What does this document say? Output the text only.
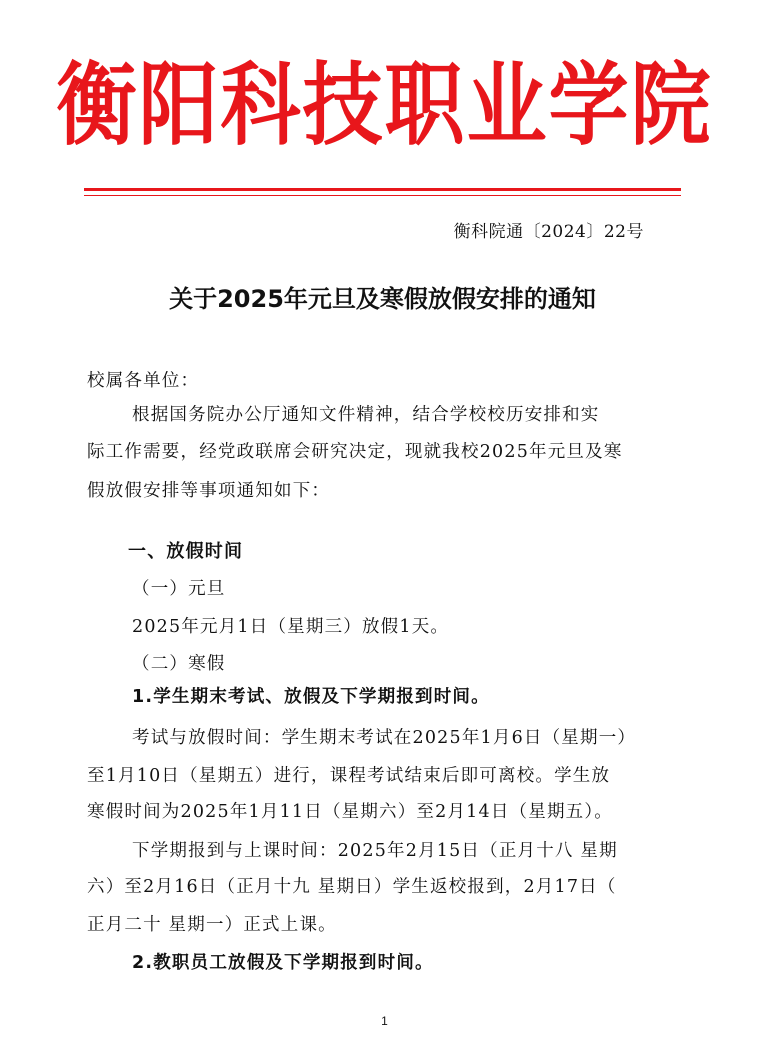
衡阳科技职业学院
衡科院通〔2024〕22号
关于2025年元旦及寒假放假安排的通知
校属各单位：
根据国务院办公厅通知文件精神，结合学校校历安排和实
际工作需要，经党政联席会研究决定，现就我校2025年元旦及寒
假放假安排等事项通知如下：
一、放假时间
（一）元旦
2025年元月1日（星期三）放假1天。
（二）寒假
1.学生期末考试、放假及下学期报到时间。
考试与放假时间：学生期末考试在2025年1月6日（星期一）
至1月10日（星期五）进行，课程考试结束后即可离校。学生放
寒假时间为2025年1月11日（星期六）至2月14日（星期五）。
下学期报到与上课时间：2025年2月15日（正月十八 星期
六）至2月16日（正月十九 星期日）学生返校报到，2月17日（
正月二十 星期一）正式上课。
2.教职员工放假及下学期报到时间。
1
